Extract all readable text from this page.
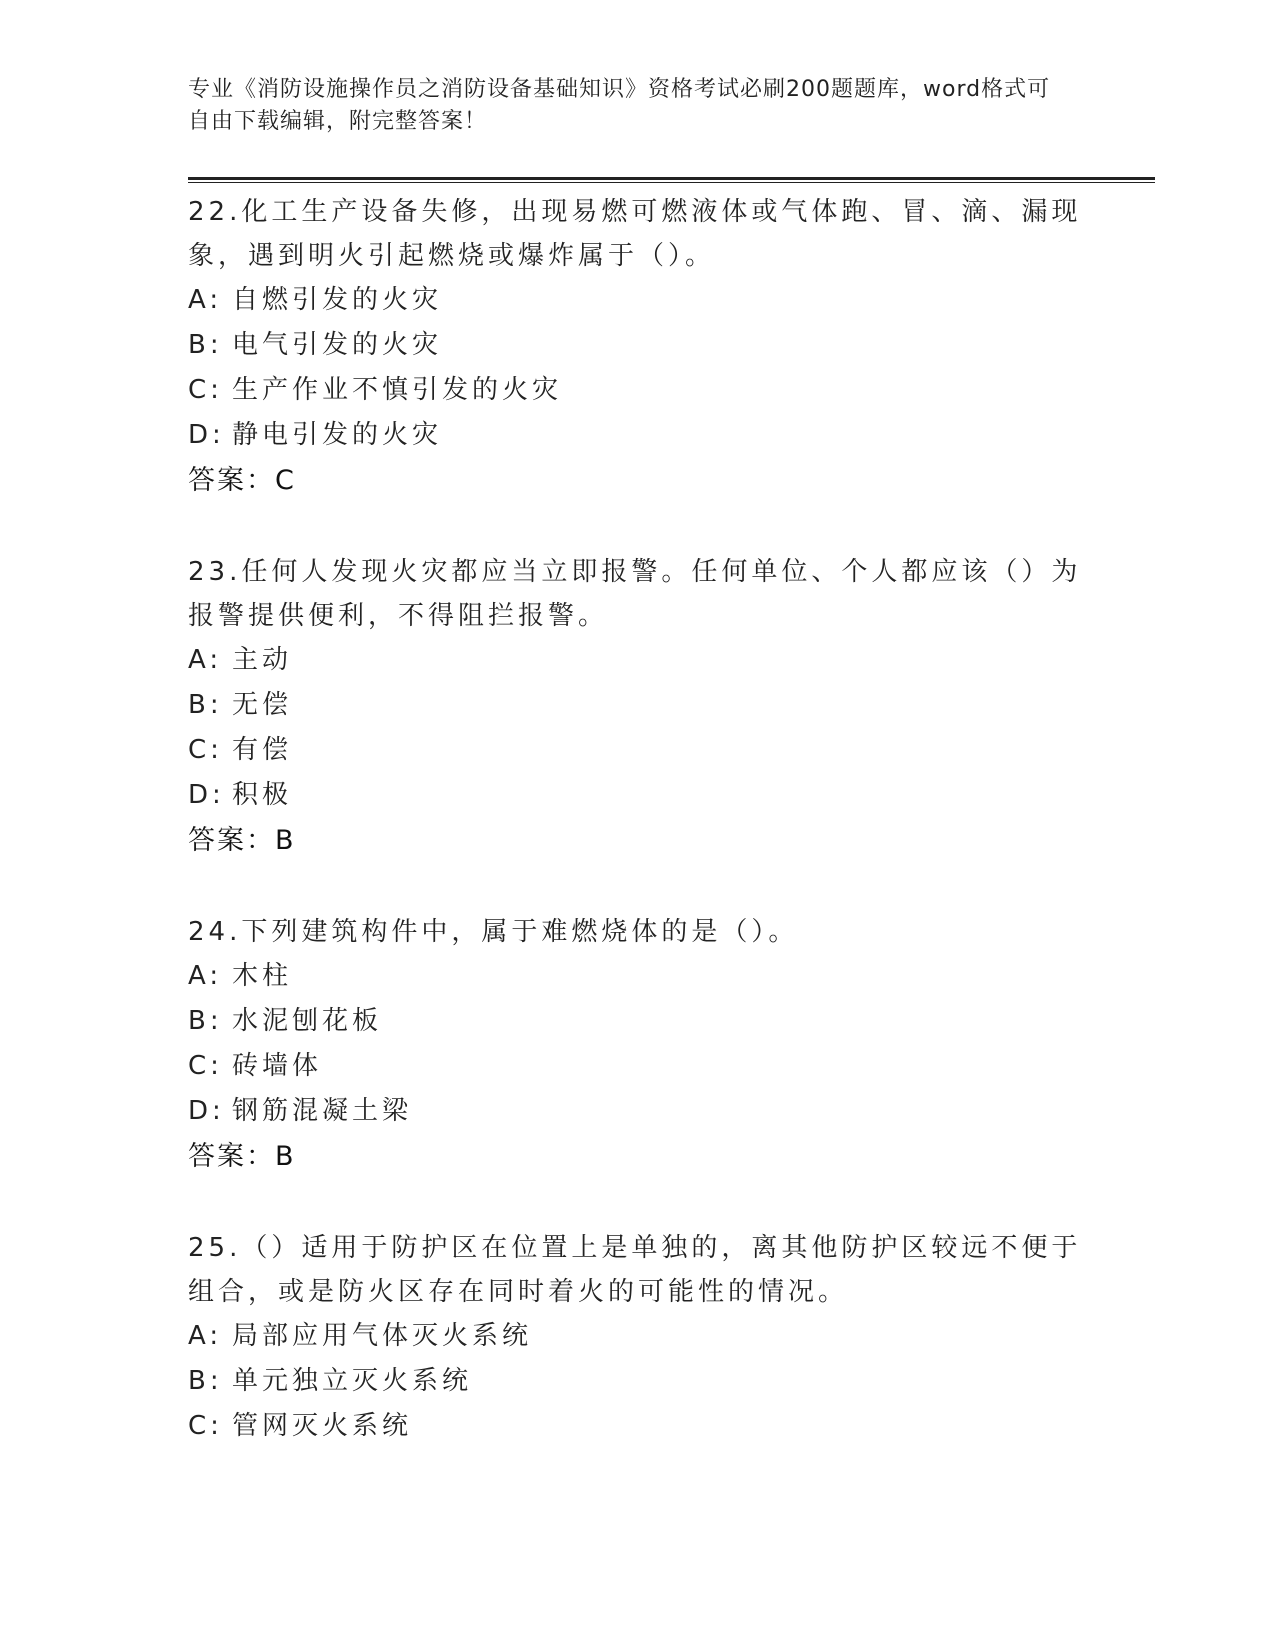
专业《消防设施操作员之消防设备基础知识》资格考试必刷200题题库，word格式可自由下载编辑，附完整答案！

22.化工生产设备失修，出现易燃可燃液体或气体跑、冒、滴、漏现象，遇到明火引起燃烧或爆炸属于（）。

A: 自燃引发的火灾

B: 电气引发的火灾

C: 生产作业不慎引发的火灾

D: 静电引发的火灾

答案：C

23.任何人发现火灾都应当立即报警。任何单位、个人都应该（）为报警提供便利，不得阻拦报警。

A: 主动

B: 无偿

C: 有偿

D: 积极

答案：B

24.下列建筑构件中，属于难燃烧体的是（）。

A: 木柱

B: 水泥刨花板

C: 砖墙体

D: 钢筋混凝土梁

答案：B

25.（）适用于防护区在位置上是单独的，离其他防护区较远不便于组合，或是防火区存在同时着火的可能性的情况。

A: 局部应用气体灭火系统

B: 单元独立灭火系统

C: 管网灭火系统
